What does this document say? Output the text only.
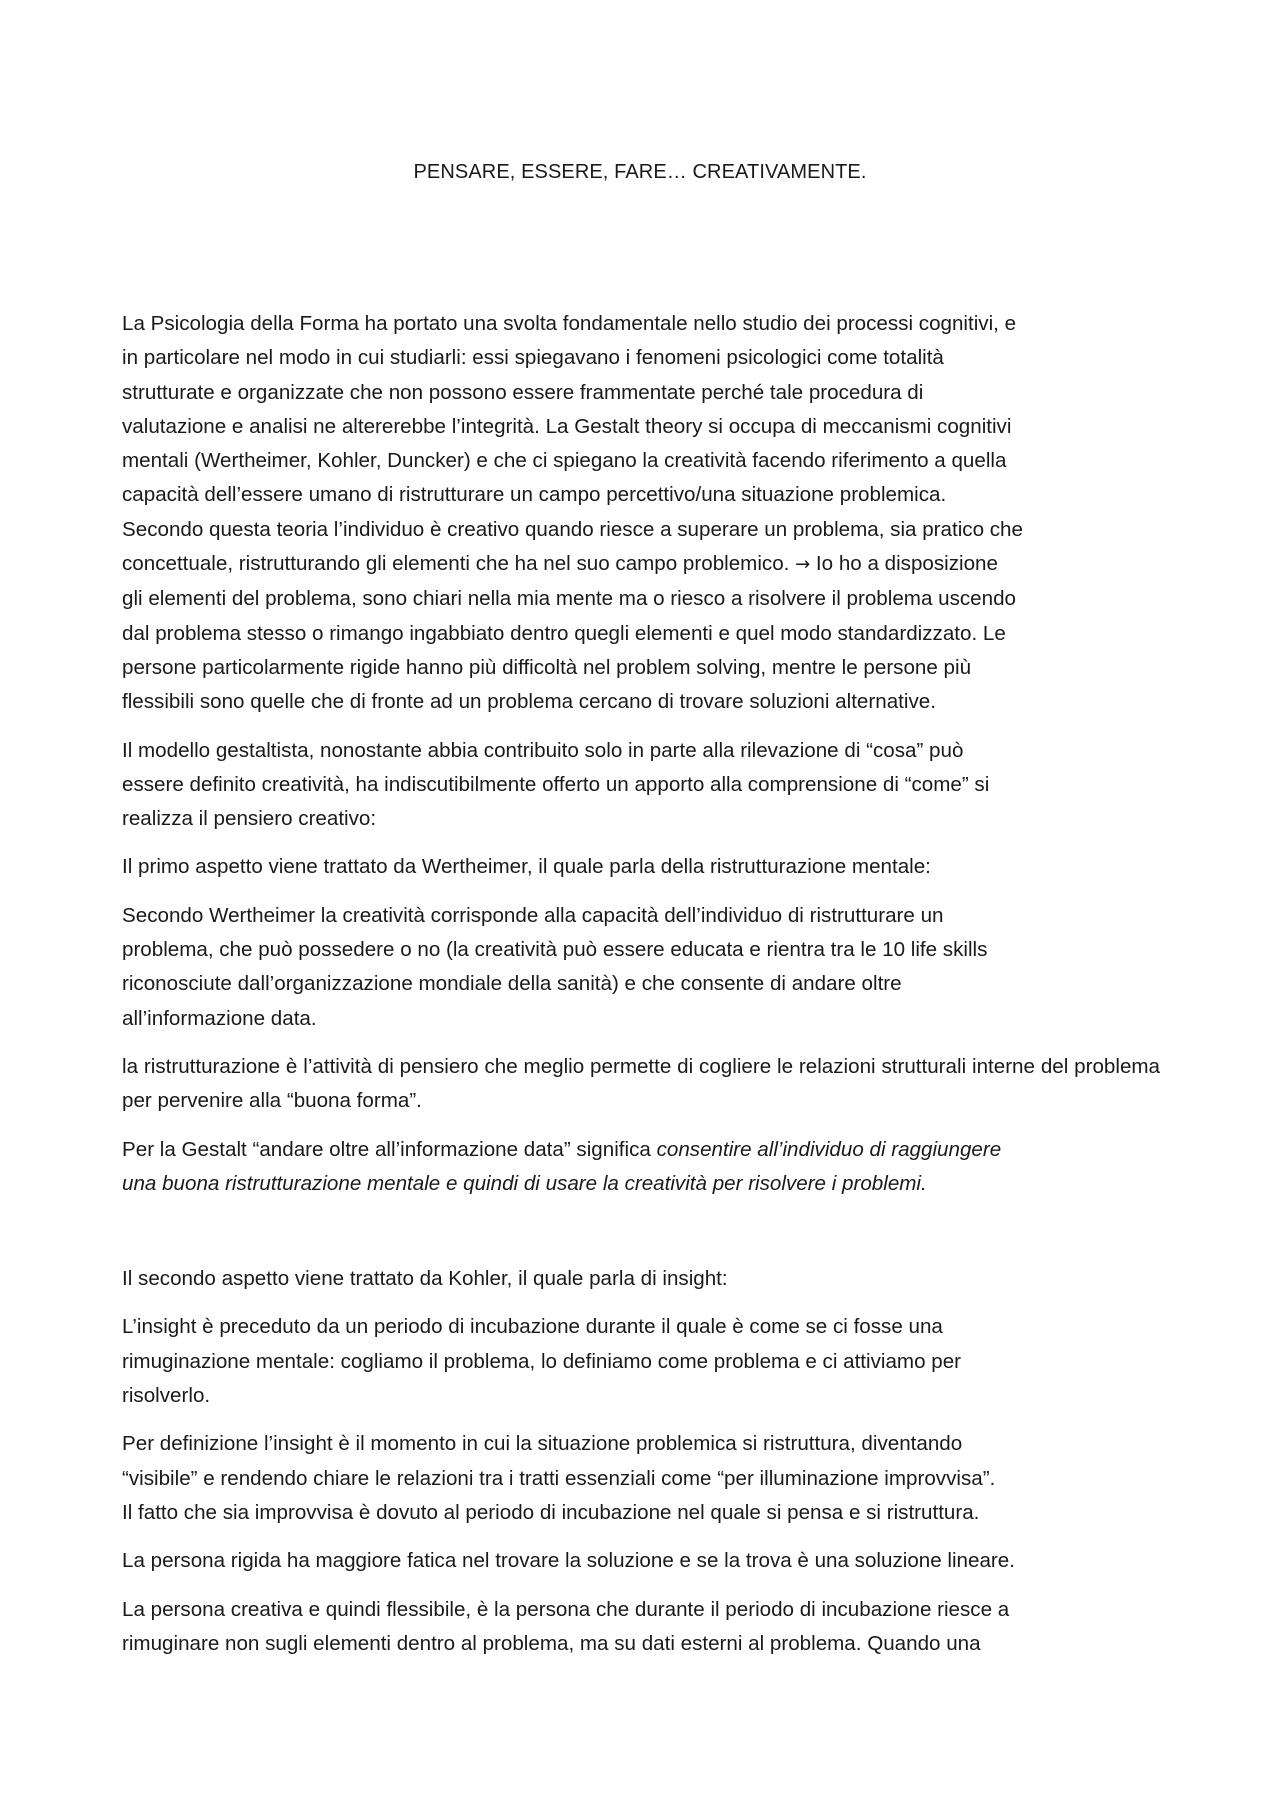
PENSARE, ESSERE, FARE… CREATIVAMENTE.
La Psicologia della Forma ha portato una svolta fondamentale nello studio dei processi cognitivi, e
in particolare nel modo in cui studiarli: essi spiegavano i fenomeni psicologici come totalità
strutturate e organizzate che non possono essere frammentate perché tale procedura di
valutazione e analisi ne altererebbe l’integrità. La Gestalt theory si occupa di meccanismi cognitivi
mentali (Wertheimer, Kohler, Duncker) e che ci spiegano la creatività facendo riferimento a quella
capacità dell’essere umano di ristrutturare un campo percettivo/una situazione problemica.
Secondo questa teoria l’individuo è creativo quando riesce a superare un problema, sia pratico che
concettuale, ristrutturando gli elementi che ha nel suo campo problemico. → Io ho a disposizione
gli elementi del problema, sono chiari nella mia mente ma o riesco a risolvere il problema uscendo
dal problema stesso o rimango ingabbiato dentro quegli elementi e quel modo standardizzato. Le
persone particolarmente rigide hanno più difficoltà nel problem solving, mentre le persone più
flessibili sono quelle che di fronte ad un problema cercano di trovare soluzioni alternative.
Il modello gestaltista, nonostante abbia contribuito solo in parte alla rilevazione di “cosa” può
essere definito creatività, ha indiscutibilmente offerto un apporto alla comprensione di “come” si
realizza il pensiero creativo:
Il primo aspetto viene trattato da Wertheimer, il quale parla della ristrutturazione mentale:
Secondo Wertheimer la creatività corrisponde alla capacità dell’individuo di ristrutturare un
problema, che può possedere o no (la creatività può essere educata e rientra tra le 10 life skills
riconosciute dall’organizzazione mondiale della sanità) e che consente di andare oltre
all’informazione data.
la ristrutturazione è l’attività di pensiero che meglio permette di cogliere le relazioni strutturali interne del problema per pervenire alla “buona forma”.
Per la Gestalt “andare oltre all’informazione data” significa consentire all’individuo di raggiungere
una buona ristrutturazione mentale e quindi di usare la creatività per risolvere i problemi.
Il secondo aspetto viene trattato da Kohler, il quale parla di insight:
L’insight è preceduto da un periodo di incubazione durante il quale è come se ci fosse una
rimuginazione mentale: cogliamo il problema, lo definiamo come problema e ci attiviamo per
risolverlo.
Per definizione l’insight è il momento in cui la situazione problemica si ristruttura, diventando
“visibile” e rendendo chiare le relazioni tra i tratti essenziali come “per illuminazione improvvisa”.
Il fatto che sia improvvisa è dovuto al periodo di incubazione nel quale si pensa e si ristruttura.
La persona rigida ha maggiore fatica nel trovare la soluzione e se la trova è una soluzione lineare.
La persona creativa e quindi flessibile, è la persona che durante il periodo di incubazione riesce a
rimuginare non sugli elementi dentro al problema, ma su dati esterni al problema. Quando una
